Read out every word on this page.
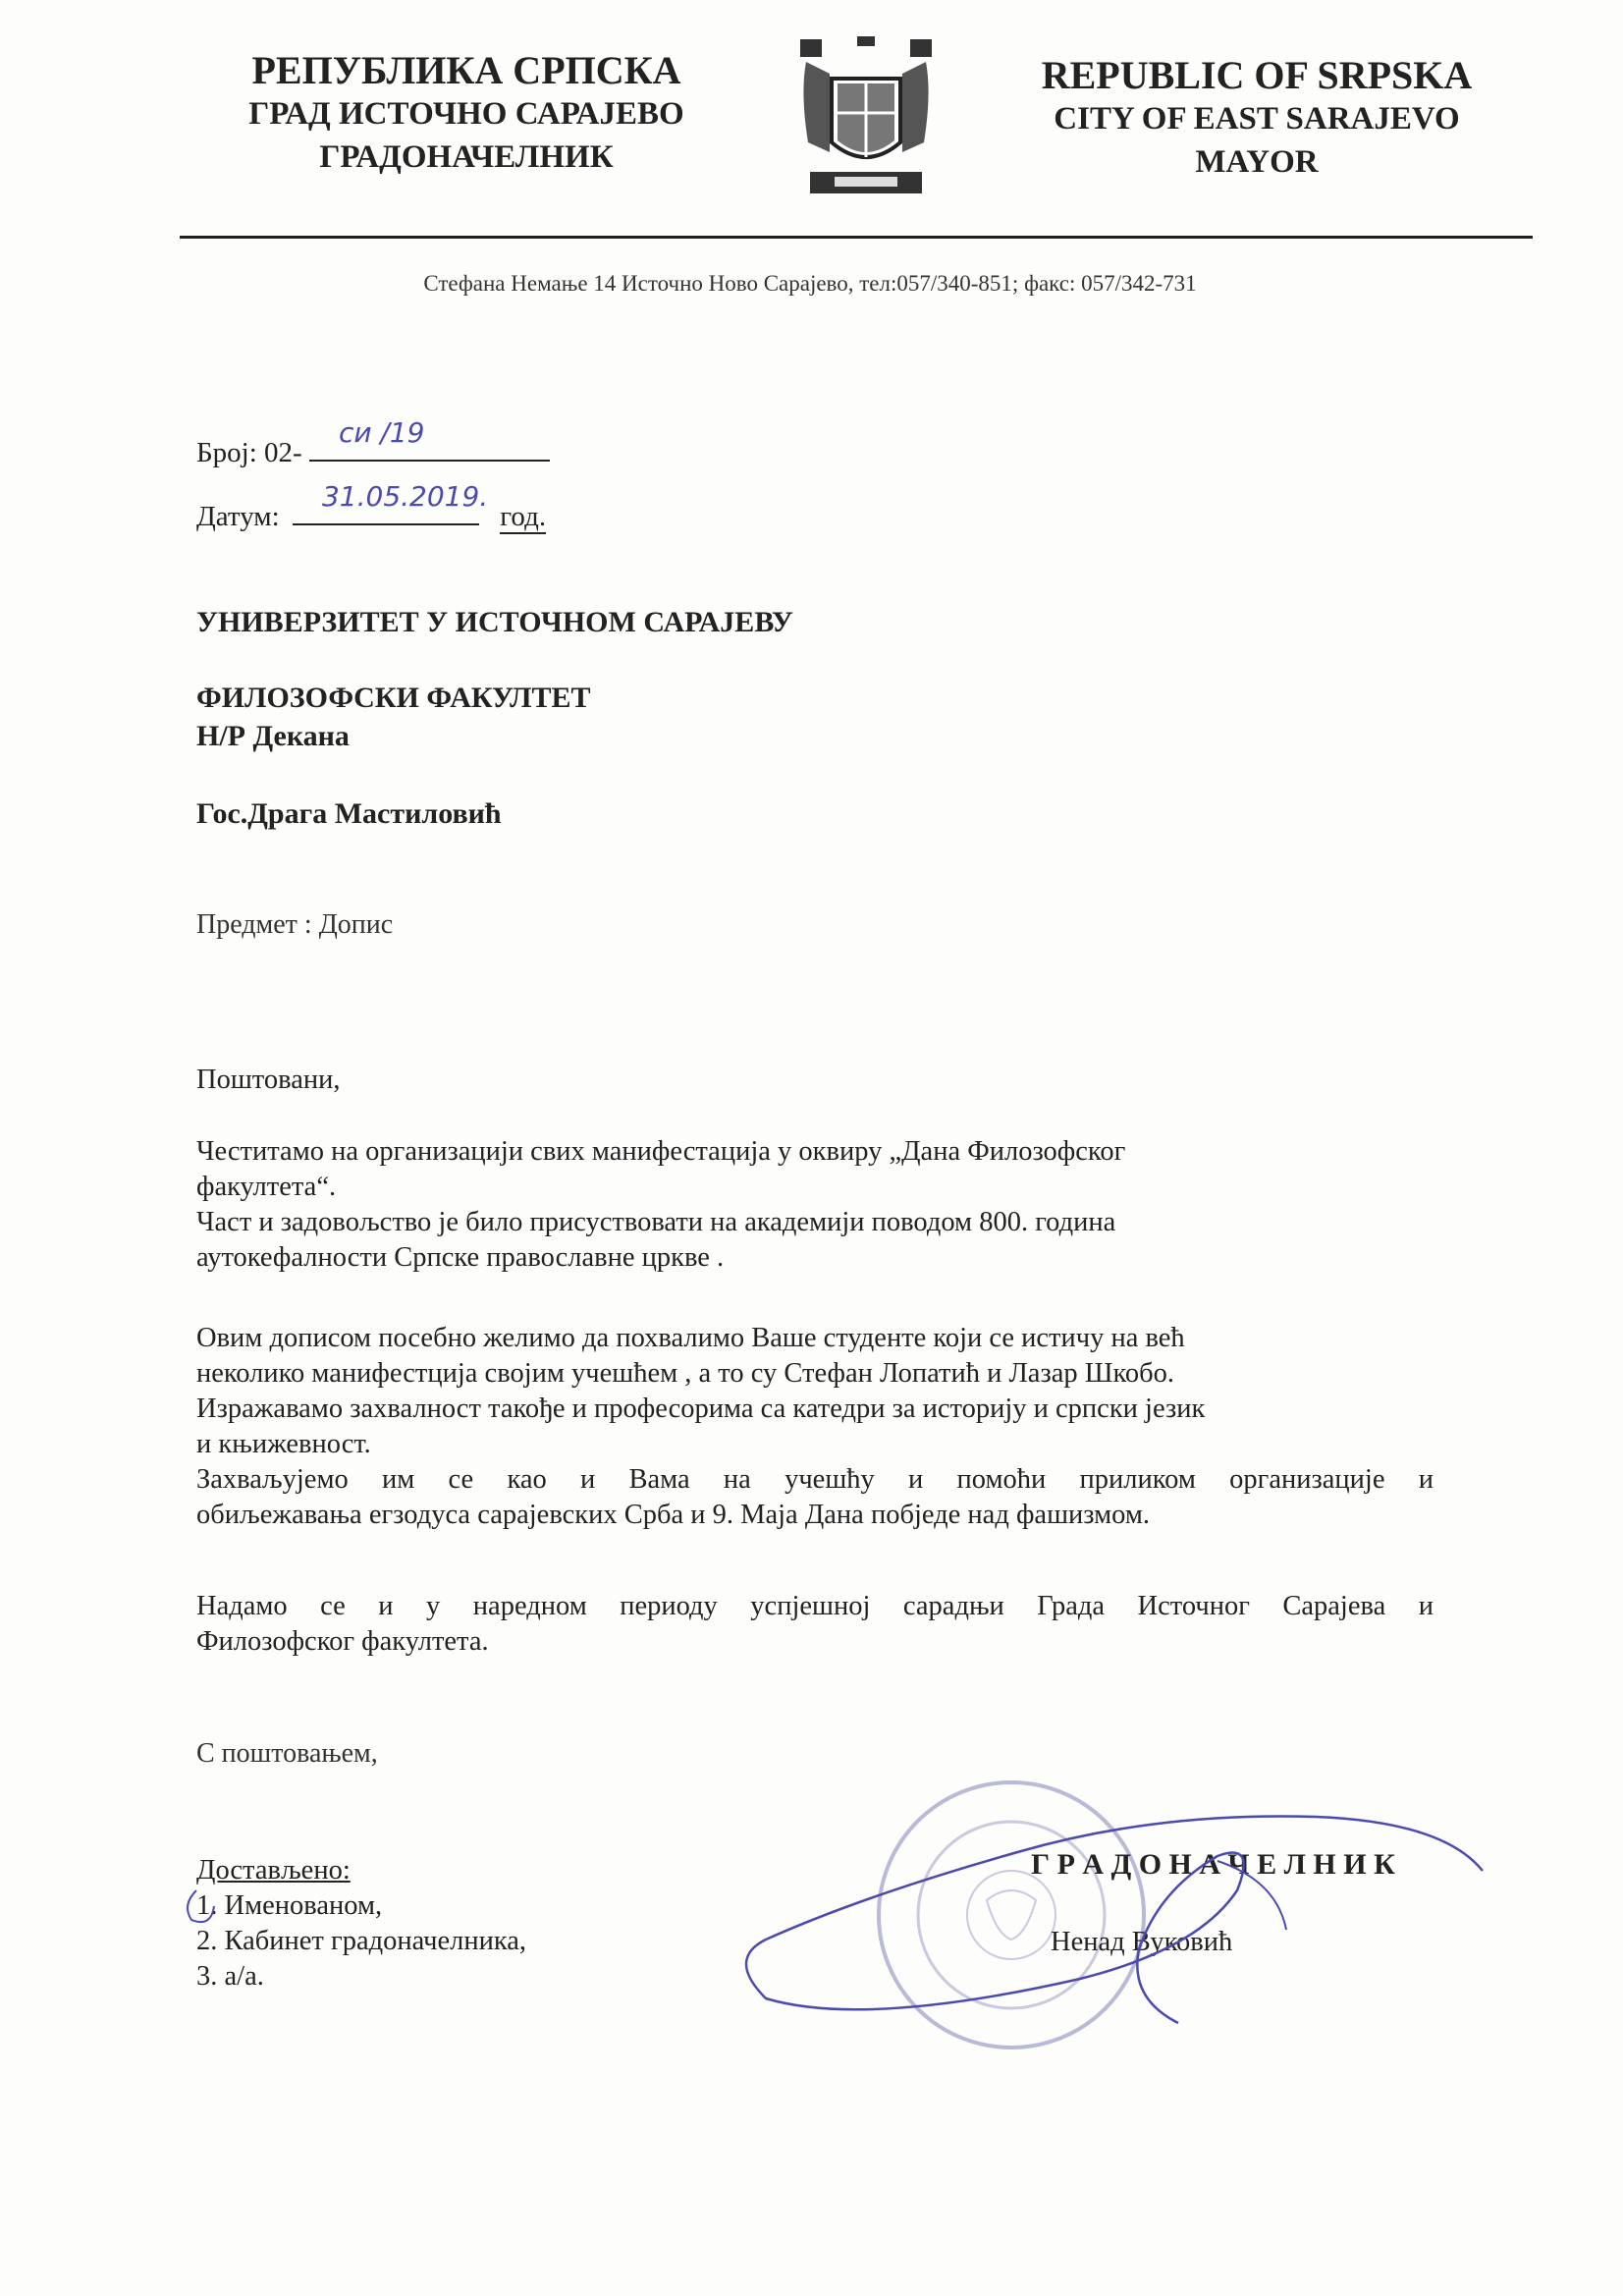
РЕПУБЛИКА СРПСКА
ГРАД ИСТОЧНО САРАЈЕВО
ГРАДОНАЧЕЛНИК
REPUBLIC OF SRPSKA
CITY OF EAST SARAJEVO
MAYOR
Стефана Немање 14 Источно Ново Сарајево, тел:057/340-851; факс: 057/342-731
Број: 02-
си /19
Датум:
31.05.2019.
год.
УНИВЕРЗИТЕТ У ИСТОЧНОМ САРАЈЕВУ
ФИЛОЗОФСКИ ФАКУЛТЕТ
Н/Р Декана
Гос.Драга Мастиловић
Предмет : Допис
Поштовани,
Честитамо на организацији свих манифестација у оквиру „Дана Филозофског
факултета“.
Част и задовољство је било присуствовати на академији поводом 800. година
аутокефалности Српске православне цркве .
Овим дописом посебно желимо да похвалимо Ваше студенте који се истичу на већ
неколико манифестција својим учешћем , а то су Стефан Лопатић и Лазар Шкобо.
Изражавамо захвалност такође и професорима са катедри за историју и српски језик
и књижевност.
Захваљујемо им се као и Вама на учешћу и помоћи приликом организације и
обиљежавања егзодуса сарајевских Срба и 9. Маја Дана побједе над фашизмом.
Надамо се и у наредном периоду успјешној сарадњи Града Источног Сарајева и
Филозофског факултета.
С поштовањем,
Достављено:
1. Именованом,
2. Кабинет градоначелника,
3. а/а.
Г Р А Д О Н А Ч Е Л Н И К
Ненад Вуковић
